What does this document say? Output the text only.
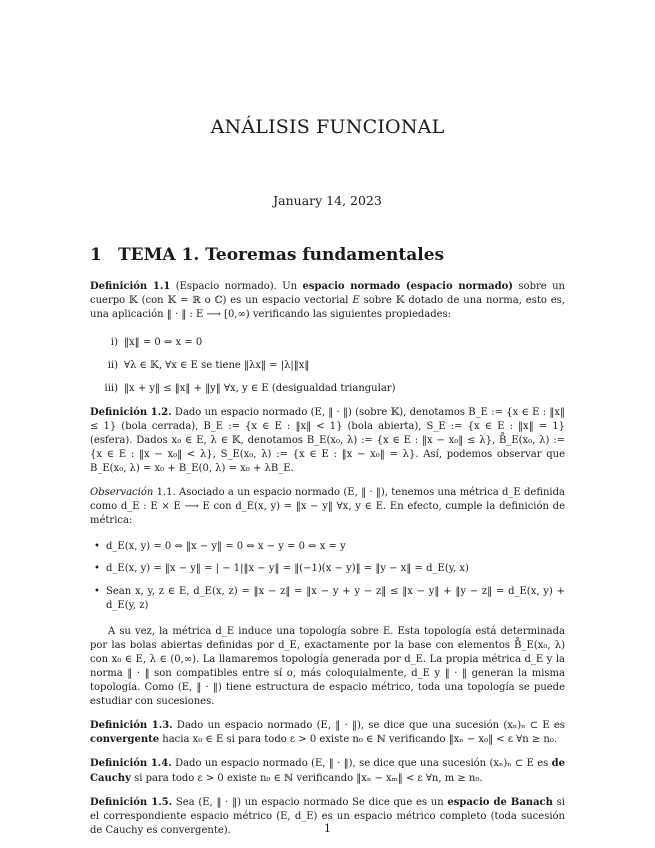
ANÁLISIS FUNCIONAL
January 14, 2023
1 TEMA 1. Teoremas fundamentales

Definición 1.1 (Espacio normado). Un espacio normado (espacio normado) sobre un cuerpo 𝕂 (con 𝕂 = ℝ o ℂ) es un espacio vectorial E sobre 𝕂 dotado de una norma, esto es, una aplicación ‖ · ‖ : E ⟶ [0,∞) verificando las siguientes propiedades:

i) ‖x‖ = 0 ⇔ x = 0
ii) ∀λ ∈ 𝕂, ∀x ∈ E se tiene ‖λx‖ = |λ|‖x‖
iii) ‖x + y‖ ≤ ‖x‖ + ‖y‖ ∀x, y ∈ E (desigualdad triangular)

Definición 1.2. Dado un espacio normado (E, ‖ · ‖) (sobre 𝕂), denotamos B_E := {x ∈ E : ‖x‖ ≤ 1} (bola cerrada), B_E := {x ∈ E : ‖x‖ < 1} (bola abierta), S_E := {x ∈ E : ‖x‖ = 1} (esfera). Dados x₀ ∈ E, λ ∈ 𝕂, denotamos B_E(x₀, λ) := {x ∈ E : ‖x − x₀‖ ≤ λ}, B̊_E(x₀, λ) := {x ∈ E : ‖x − x₀‖ < λ}, S_E(x₀, λ) := {x ∈ E : ‖x − x₀‖ = λ}. Así, podemos observar que B_E(x₀, λ) = x₀ + B_E(0, λ) = x₀ + λB_E.

Observación 1.1. Asociado a un espacio normado (E, ‖ · ‖), tenemos una métrica d_E definida como d_E : E × E ⟶ E con d_E(x, y) = ‖x − y‖ ∀x, y ∈ E. En efecto, cumple la definición de métrica:

• d_E(x, y) = 0 ⇔ ‖x − y‖ = 0 ⇔ x − y = 0 ⇔ x = y
• d_E(x, y) = ‖x − y‖ = | − 1|‖x − y‖ = ‖(−1)(x − y)‖ = ‖y − x‖ = d_E(y, x)
• Sean x, y, z ∈ E, d_E(x, z) = ‖x − z‖ = ‖x − y + y − z‖ ≤ ‖x − y‖ + ‖y − z‖ = d_E(x, y) + d_E(y, z)

A su vez, la métrica d_E induce una topología sobre E. Esta topología está determinada por las bolas abiertas definidas por d_E, exactamente por la base con elementos B̊_E(x₀, λ) con x₀ ∈ E, λ ∈ (0,∞). La llamaremos topología generada por d_E. La propia métrica d_E y la norma ‖ · ‖ son compatibles entre sí o, más coloquialmente, d_E y ‖ · ‖ generan la misma topología. Como (E, ‖ · ‖) tiene estructura de espacio métrico, toda una topología se puede estudiar con sucesiones.

Definición 1.3. Dado un espacio normado (E, ‖ · ‖), se dice que una sucesión (xₙ)ₙ ⊂ E es convergente hacia x₀ ∈ E si para todo ε > 0 existe n₀ ∈ ℕ verificando ‖xₙ − x₀‖ < ε ∀n ≥ n₀.

Definición 1.4. Dado un espacio normado (E, ‖ · ‖), se dice que una sucesión (xₙ)ₙ ⊂ E es de Cauchy si para todo ε > 0 existe n₀ ∈ ℕ verificando ‖xₙ − xₘ‖ < ε ∀n, m ≥ n₀.

Definición 1.5. Sea (E, ‖ · ‖) un espacio normado Se dice que es un espacio de Banach si el correspondiente espacio métrico (E, d_E) es un espacio métrico completo (toda sucesión de Cauchy es convergente).	1
